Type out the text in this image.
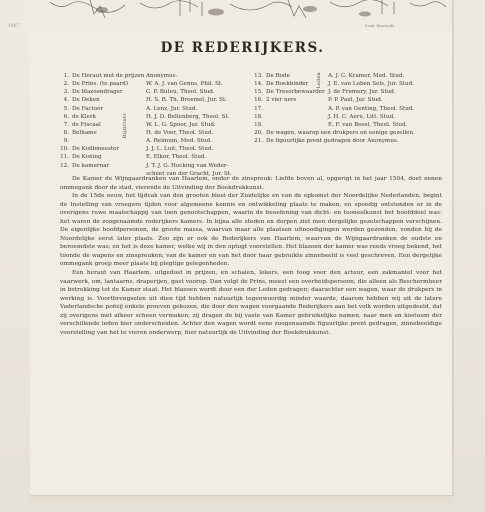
1867	Druk: Enschedé
DE REDERIJKERS.
1. De Heraut met de prijzen Anonymus.
2. De Prins. (te paard)	W. A. J. van Genns, Phil. St.
3. De blazoendrager	C. P. Buteu, Theol. Stud.
4. De Deken	H. S. R. Th. Breemel, Jur. St.
5. De Factoor	A. Lenz, Jur. Stud.
6. de Klerk	H. J. D. Bellenberg, Theol. St.
7. de Fiscaal	W. L. G. Spoor, Jur. Stud.
8. Belhame	H. de Voer, Theol. Stud.
9.	A. Reimum, Med. Stud.
10. De Koilbmeester	J. J. L. Luit, Theol. Stud.
11. De Koning	E. Elkor, Theol. Stud.
12. De kamernar	J. T. J. G. Hocking van Weder-
scheet van der Gracht, Jur. St.
13. De Bode	A. J. C. Kramer, Med. Stud.
14. De Boekbinder	J. E. van Loben Sels, Jur. Stud.
15. De Tresorbewaarder J. de Fremery, Jur. Stud.
16. 2 vier ners	P. P. Paul, Jur. Stud.
17.	A. P. van Genting, Theol. Stud.
18.	J. H. C. Aere, Litt. Stud.
19.	E. F. van Bosel, Theol. Stud.
20. De wagen, waarop een drukpers en eenige gezellen.
21. De figuurlijke prent gedragen door Anonymus.
Bijzitters
Leden

De Kamer de Wijngaardranken van Haarlem, onder de zinspreuk: Liefde boven al, opgerigt in het jaar 1504, doet eenen ommegank door de stad, vierende de Uitvinding der Boekdrukkunst.

In de 15de eeuw, het tijdvak van den grooten bloei der Zuidelijke en van de opkomst der Noordelijke Nederlanden, begint de Instelling van vroegere tijden voor algemeene kennis en ontwikkeling plaats te maken, en spoedig ontstonden er in de overigens ruwe maatschappij van toen genootschappen, waarin de beoefening van dicht- en tooneelkunst het hoofddoel was: het waren de zoogenaamde rederijkers kamers. In bijna alle steden en dorpen ziet men dergelijke gezelschappen verschijnen. De eigenlijke hoofdpersonen, de groote massa, waarvan maar alle plaatsen uitnoodigingen werden gezonden, vonden bij de Noordelijke eerst later plaats. Zoo zijn er ook de Rederijkers van Haarlem, waarvan de Wijngaardranken de oudste en beroemdste was; en het is deze kamer, welke wij in den optogt voorstellen. Het blazoen der kamer was reeds vroeg bekend, het toonde de wapens en zinspreuken; van de kamer en van het door haar gebruikte zinnebeeld is veel geschreven. Een dergelijke ommegank groep meer plaats bij plegtige gelegenheden.

Een heraut van Haarlem, uitgedost in prijzen, en schalen, lekers, een toog voor den acteur, een zakmantel voor het vaarwerk, om, lantaarns, draperijen, gast voorop. Dan volgt de Prins, meest een overheidspersoon, die alleen als Beschermheer in betrekking tot de Kamer staat. Het blazoen wordt door een der Leden gedragen; daarachter een wagen, waar de drukpers in werking is. Voortbrengselen uit dien tijd hebben natuurlijk tegenwoordig minder waarde, daarom hebben wij uit de latere Vaderlandsche poëzij enkele proeven gekozen, die door den wagen voorgaande Rederijkers aan het volk worden uitgedeeld, dat zij overigens met afkeer scheen vermaken; zij dragen de bij vaste van Kamer gebruikelijke namen, naar men en kostuum der verschillende leden hier onderscheiden. Achter den wagen wordt eene zoogenaamde figuurlijke prent gedragen, zinnebeeldige voorstelling van het te vieren onderwerp, hier natuurlijk de Uitvinding der Boekdrukkunst.
